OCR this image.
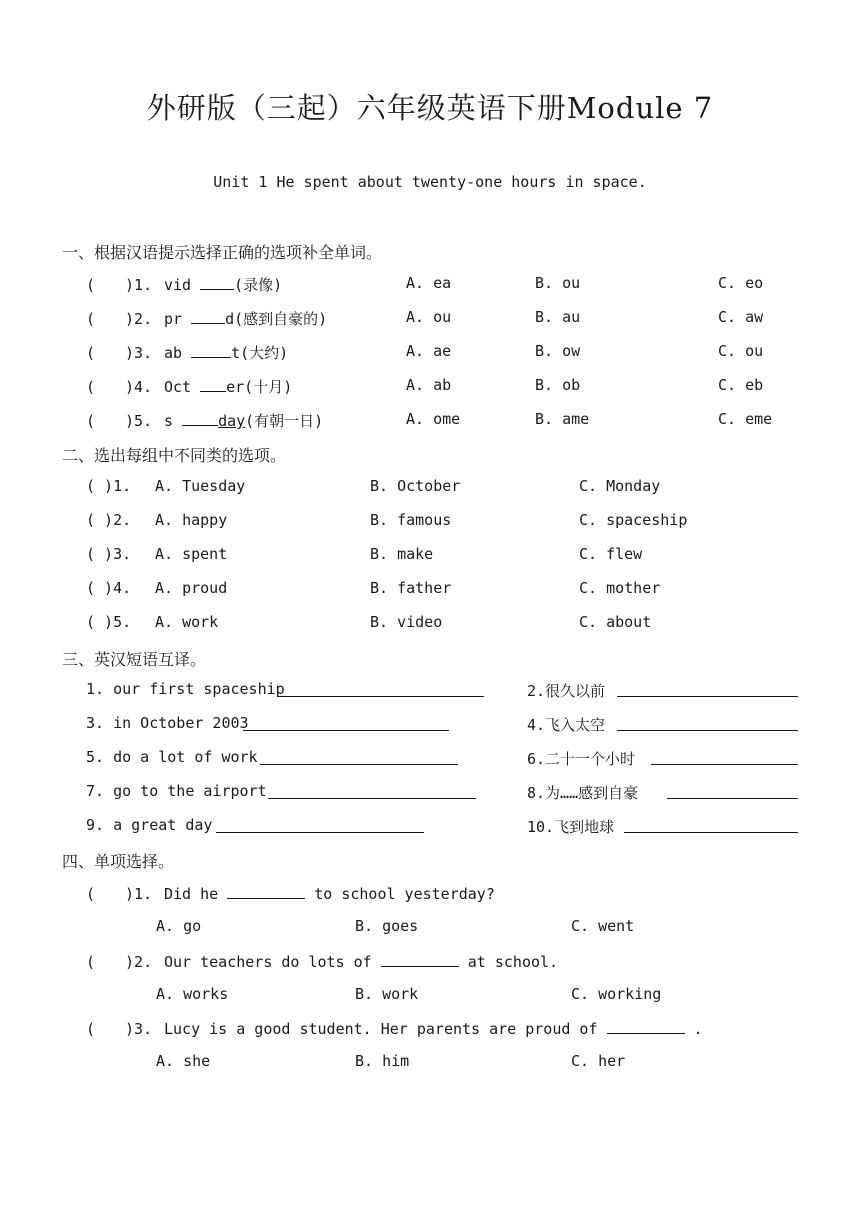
外研版（三起）六年级英语下册Module 7
Unit 1 He spent about twenty-one hours in space.
一、根据汉语提示选择正确的选项补全单词。
(　　)1. vid	(录像)	A. ea	B. ou	C. eo
(　　)2. pr	d(感到自豪的)	A. ou	B. au	C. aw
(　　)3. ab	t(大约)	A. ae	B. ow	C. ou
(　　)4. Oct er(十月)	A. ab	B. ob	C. eb
(　　)5. s	day(有朝一日)	A. ome	B. ame	C. eme
二、选出每组中不同类的选项。
( )1. A. Tuesday	B. October	C. Monday
( )2. A. happy	B. famous	C. spaceship
( )3. A. spent	B. make	C. flew
( )4. A. proud	B. father	C. mother
( )5. A. work	B. video	C. about
三、英汉短语互译。
1. our first spaceship	2.很久以前
3. in October 2003	4.飞入太空
5. do a lot of work	6.二十一个小时
7. go to the airport	8.为……感到自豪
9. a great day	10.飞到地球
四、单项选择。
(　　)1. Did he	to school yesterday?
A. go	B. goes	C. went
(　　)2. Our teachers do lots of	at school.
A. works	B. work	C. working
(　　)3. Lucy is a good student. Her parents are proud of	.
A. she	B. him	C. her
